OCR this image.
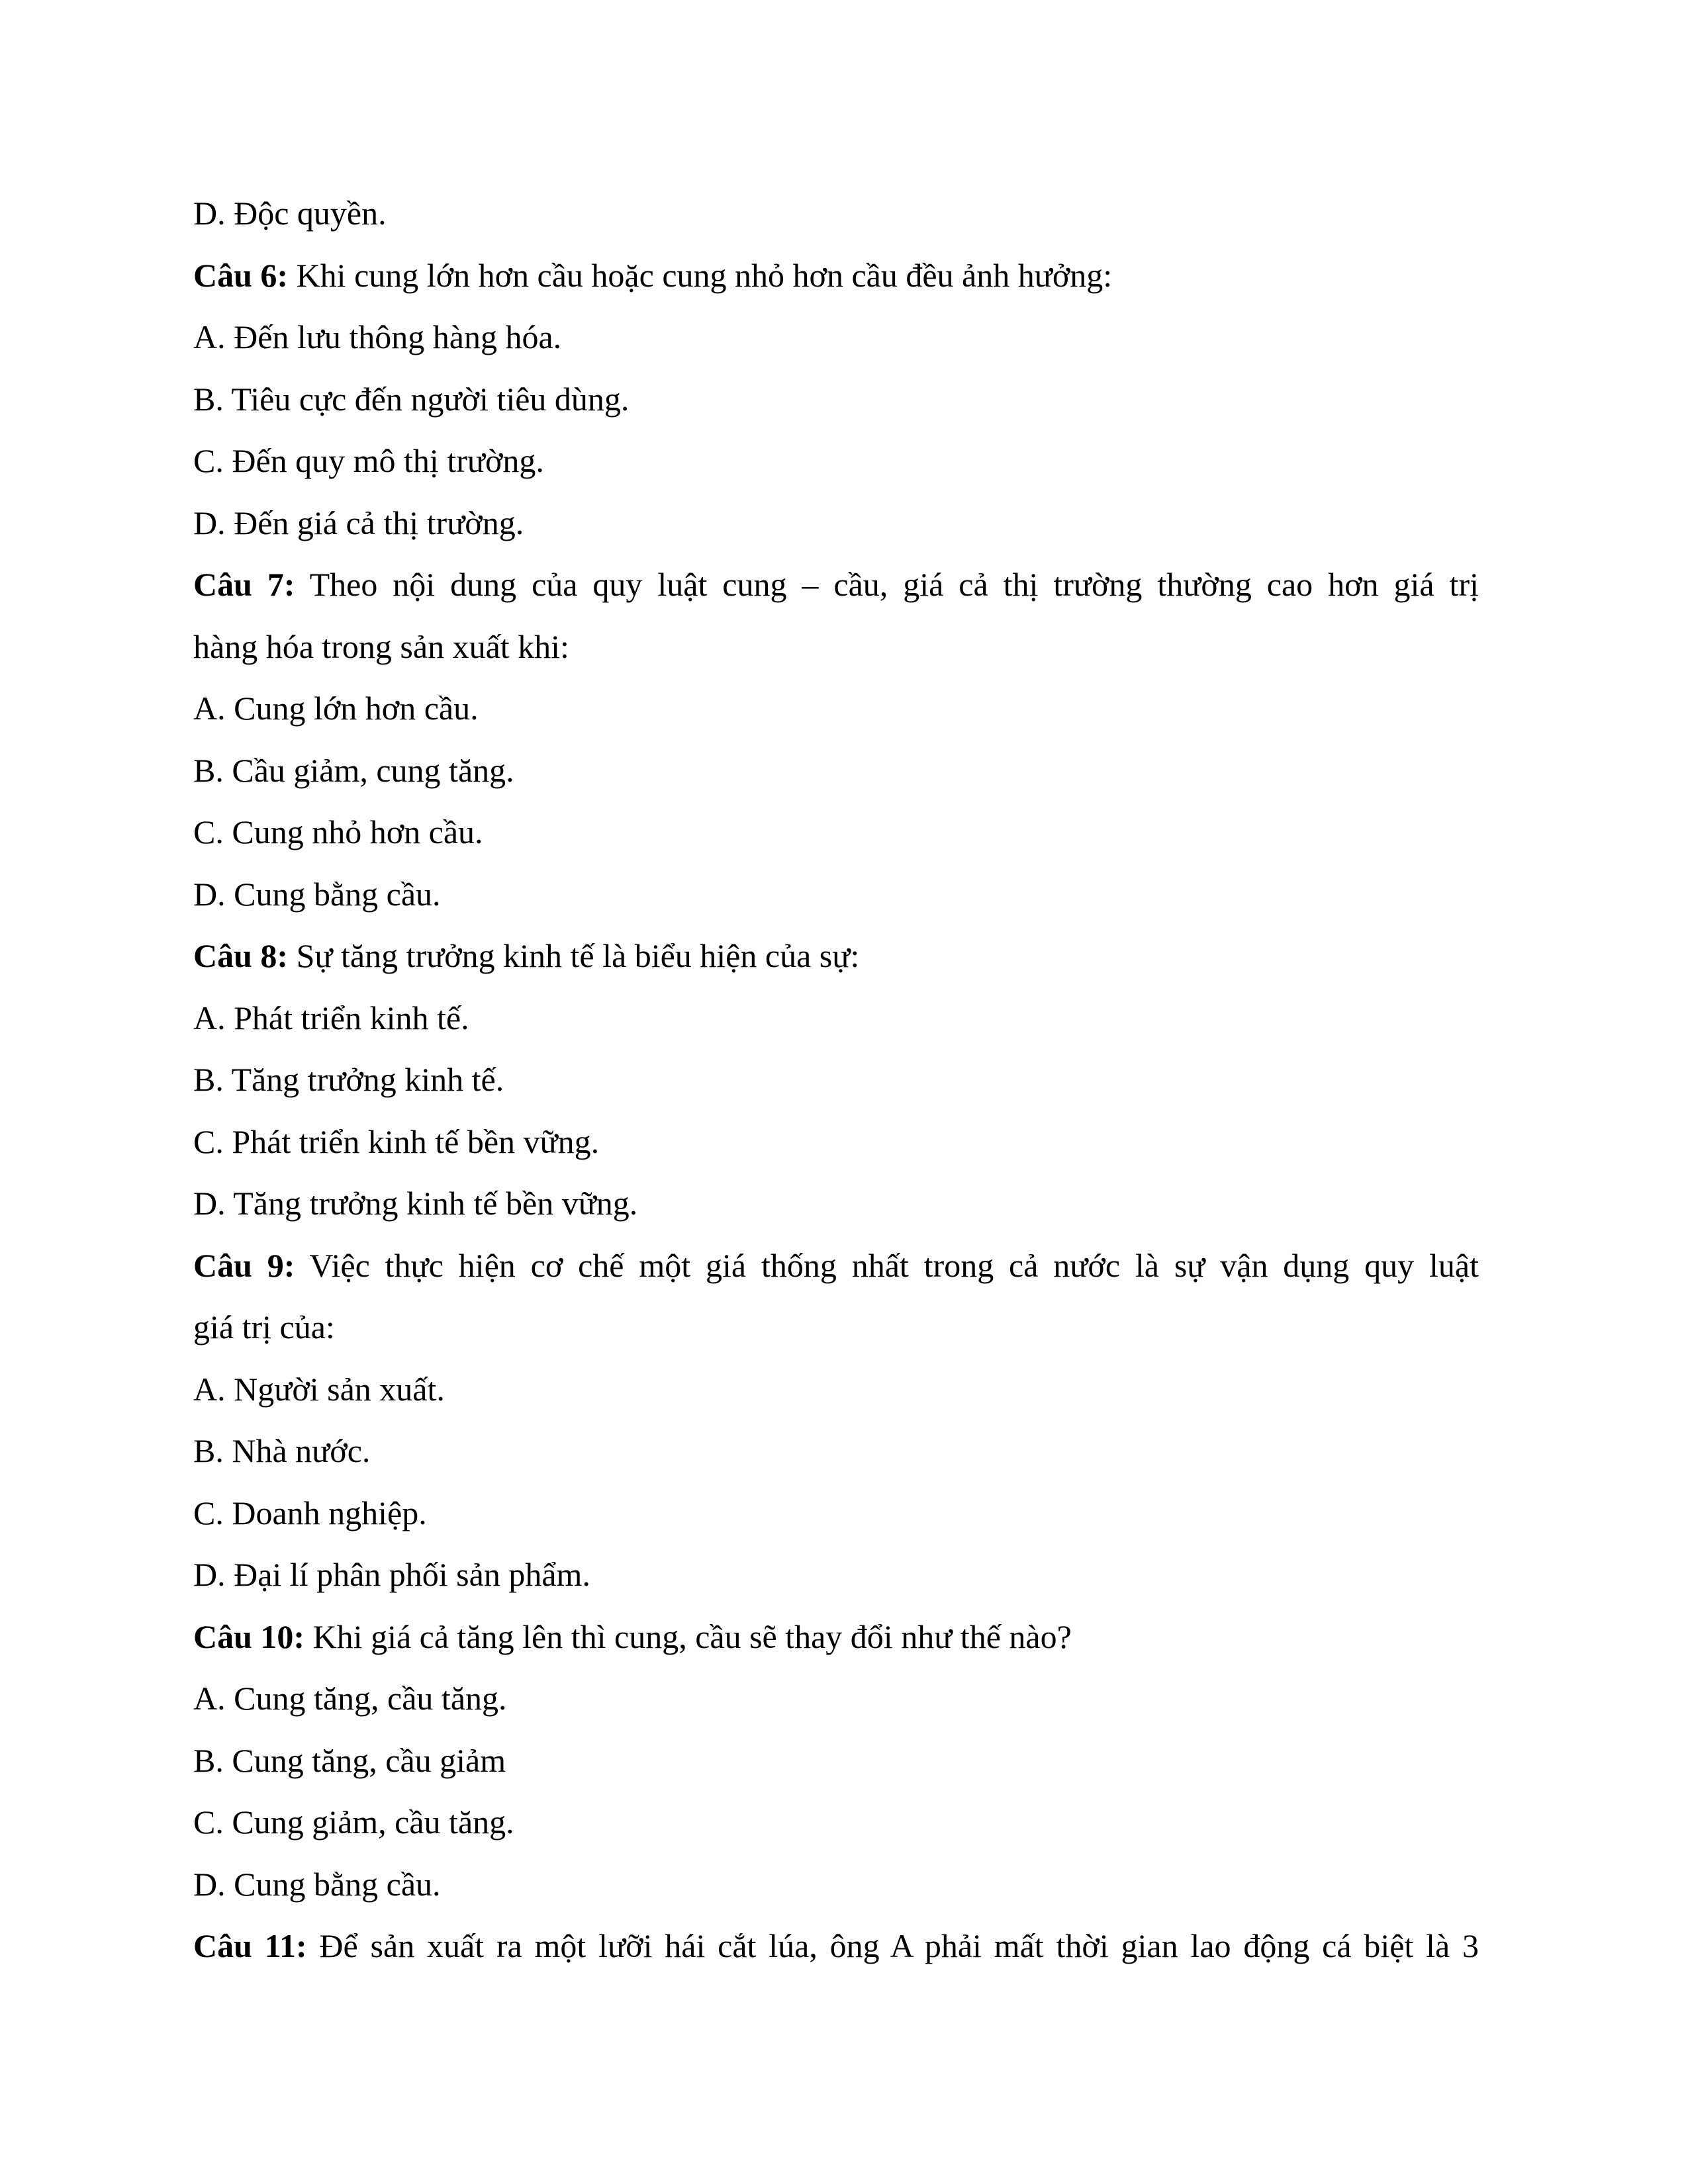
D. Độc quyền.
Câu 6: Khi cung lớn hơn cầu hoặc cung nhỏ hơn cầu đều ảnh hưởng:
A. Đến lưu thông hàng hóa.
B. Tiêu cực đến người tiêu dùng.
C. Đến quy mô thị trường.
D. Đến giá cả thị trường.
Câu 7: Theo nội dung của quy luật cung – cầu, giá cả thị trường thường cao hơn giá trị
hàng hóa trong sản xuất khi:
A. Cung lớn hơn cầu.
B. Cầu giảm, cung tăng.
C. Cung nhỏ hơn cầu.
D. Cung bằng cầu.
Câu 8: Sự tăng trưởng kinh tế là biểu hiện của sự:
A. Phát triển kinh tế.
B. Tăng trưởng kinh tế.
C. Phát triển kinh tế bền vững.
D. Tăng trưởng kinh tế bền vững.
Câu 9: Việc thực hiện cơ chế một giá thống nhất trong cả nước là sự vận dụng quy luật
giá trị của:
A. Người sản xuất.
B. Nhà nước.
C. Doanh nghiệp.
D. Đại lí phân phối sản phẩm.
Câu 10: Khi giá cả tăng lên thì cung, cầu sẽ thay đổi như thế nào?
A. Cung tăng, cầu tăng.
B. Cung tăng, cầu giảm
C. Cung giảm, cầu tăng.
D. Cung bằng cầu.
Câu 11: Để sản xuất ra một lưỡi hái cắt lúa, ông A phải mất thời gian lao động cá biệt là 3
